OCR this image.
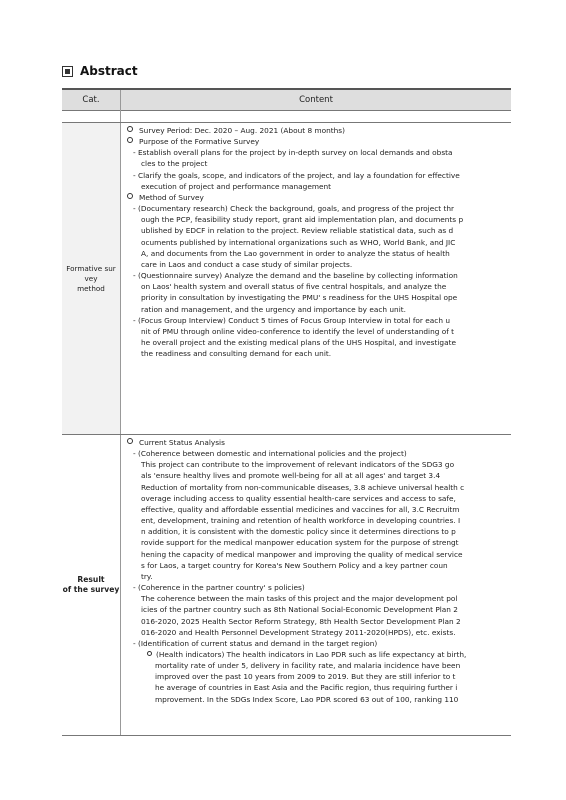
Abstract
Cat.	Content
Formative sur
vey
method
Survey Period: Dec. 2020 – Aug. 2021 (About 8 months)
Purpose of the Formative Survey
- Establish overall plans for the project by in-depth survey on local demands and obsta
cles to the project
- Clarify the goals, scope, and indicators of the project, and lay a foundation for effective
execution of project and performance management
Method of Survey
- (Documentary research) Check the background, goals, and progress of the project thr
ough the PCP, feasibility study report, grant aid implementation plan, and documents p
ublished by EDCF in relation to the project. Review reliable statistical data, such as d
ocuments published by international organizations such as WHO, World Bank, and JIC
A, and documents from the Lao government in order to analyze the status of health
care in Laos and conduct a case study of similar projects.
- (Questionnaire survey) Analyze the demand and the baseline by collecting information
on Laos' health system and overall status of five central hospitals, and analyze the
priority in consultation by investigating the PMU' s readiness for the UHS Hospital ope
ration and management, and the urgency and importance by each unit.
- (Focus Group Interview) Conduct 5 times of Focus Group Interview in total for each u
nit of PMU through online video-conference to identify the level of understanding of t
he overall project and the existing medical plans of the UHS Hospital, and investigate
the readiness and consulting demand for each unit.
Result
of the survey
Current Status Analysis
- (Coherence between domestic and international policies and the project)
This project can contribute to the improvement of relevant indicators of the SDG3 go
als 'ensure healthy lives and promote well-being for all at all ages' and target 3.4
Reduction of mortality from non-communicable diseases, 3.8 achieve universal health c
overage including access to quality essential health-care services and access to safe,
effective, quality and affordable essential medicines and vaccines for all, 3.C Recruitm
ent, development, training and retention of health workforce in developing countries. I
n addition, it is consistent with the domestic policy since it determines directions to p
rovide support for the medical manpower education system for the purpose of strengt
hening the capacity of medical manpower and improving the quality of medical service
s for Laos, a target country for Korea's New Southern Policy and a key partner coun
try.
- (Coherence in the partner country' s policies)
The coherence between the main tasks of this project and the major development pol
icies of the partner country such as 8th National Social-Economic Development Plan 2
016-2020, 2025 Health Sector Reform Strategy, 8th Health Sector Development Plan 2
016-2020 and Health Personnel Development Strategy 2011-2020(HPDS), etc. exists.
- (Identification of current status and demand in the target region)
(Health indicators) The health indicators in Lao PDR such as life expectancy at birth,
mortality rate of under 5, delivery in facility rate, and malaria incidence have been
improved over the past 10 years from 2009 to 2019. But they are still inferior to t
he average of countries in East Asia and the Pacific region, thus requiring further i
mprovement. In the SDGs Index Score, Lao PDR scored 63 out of 100, ranking 110
